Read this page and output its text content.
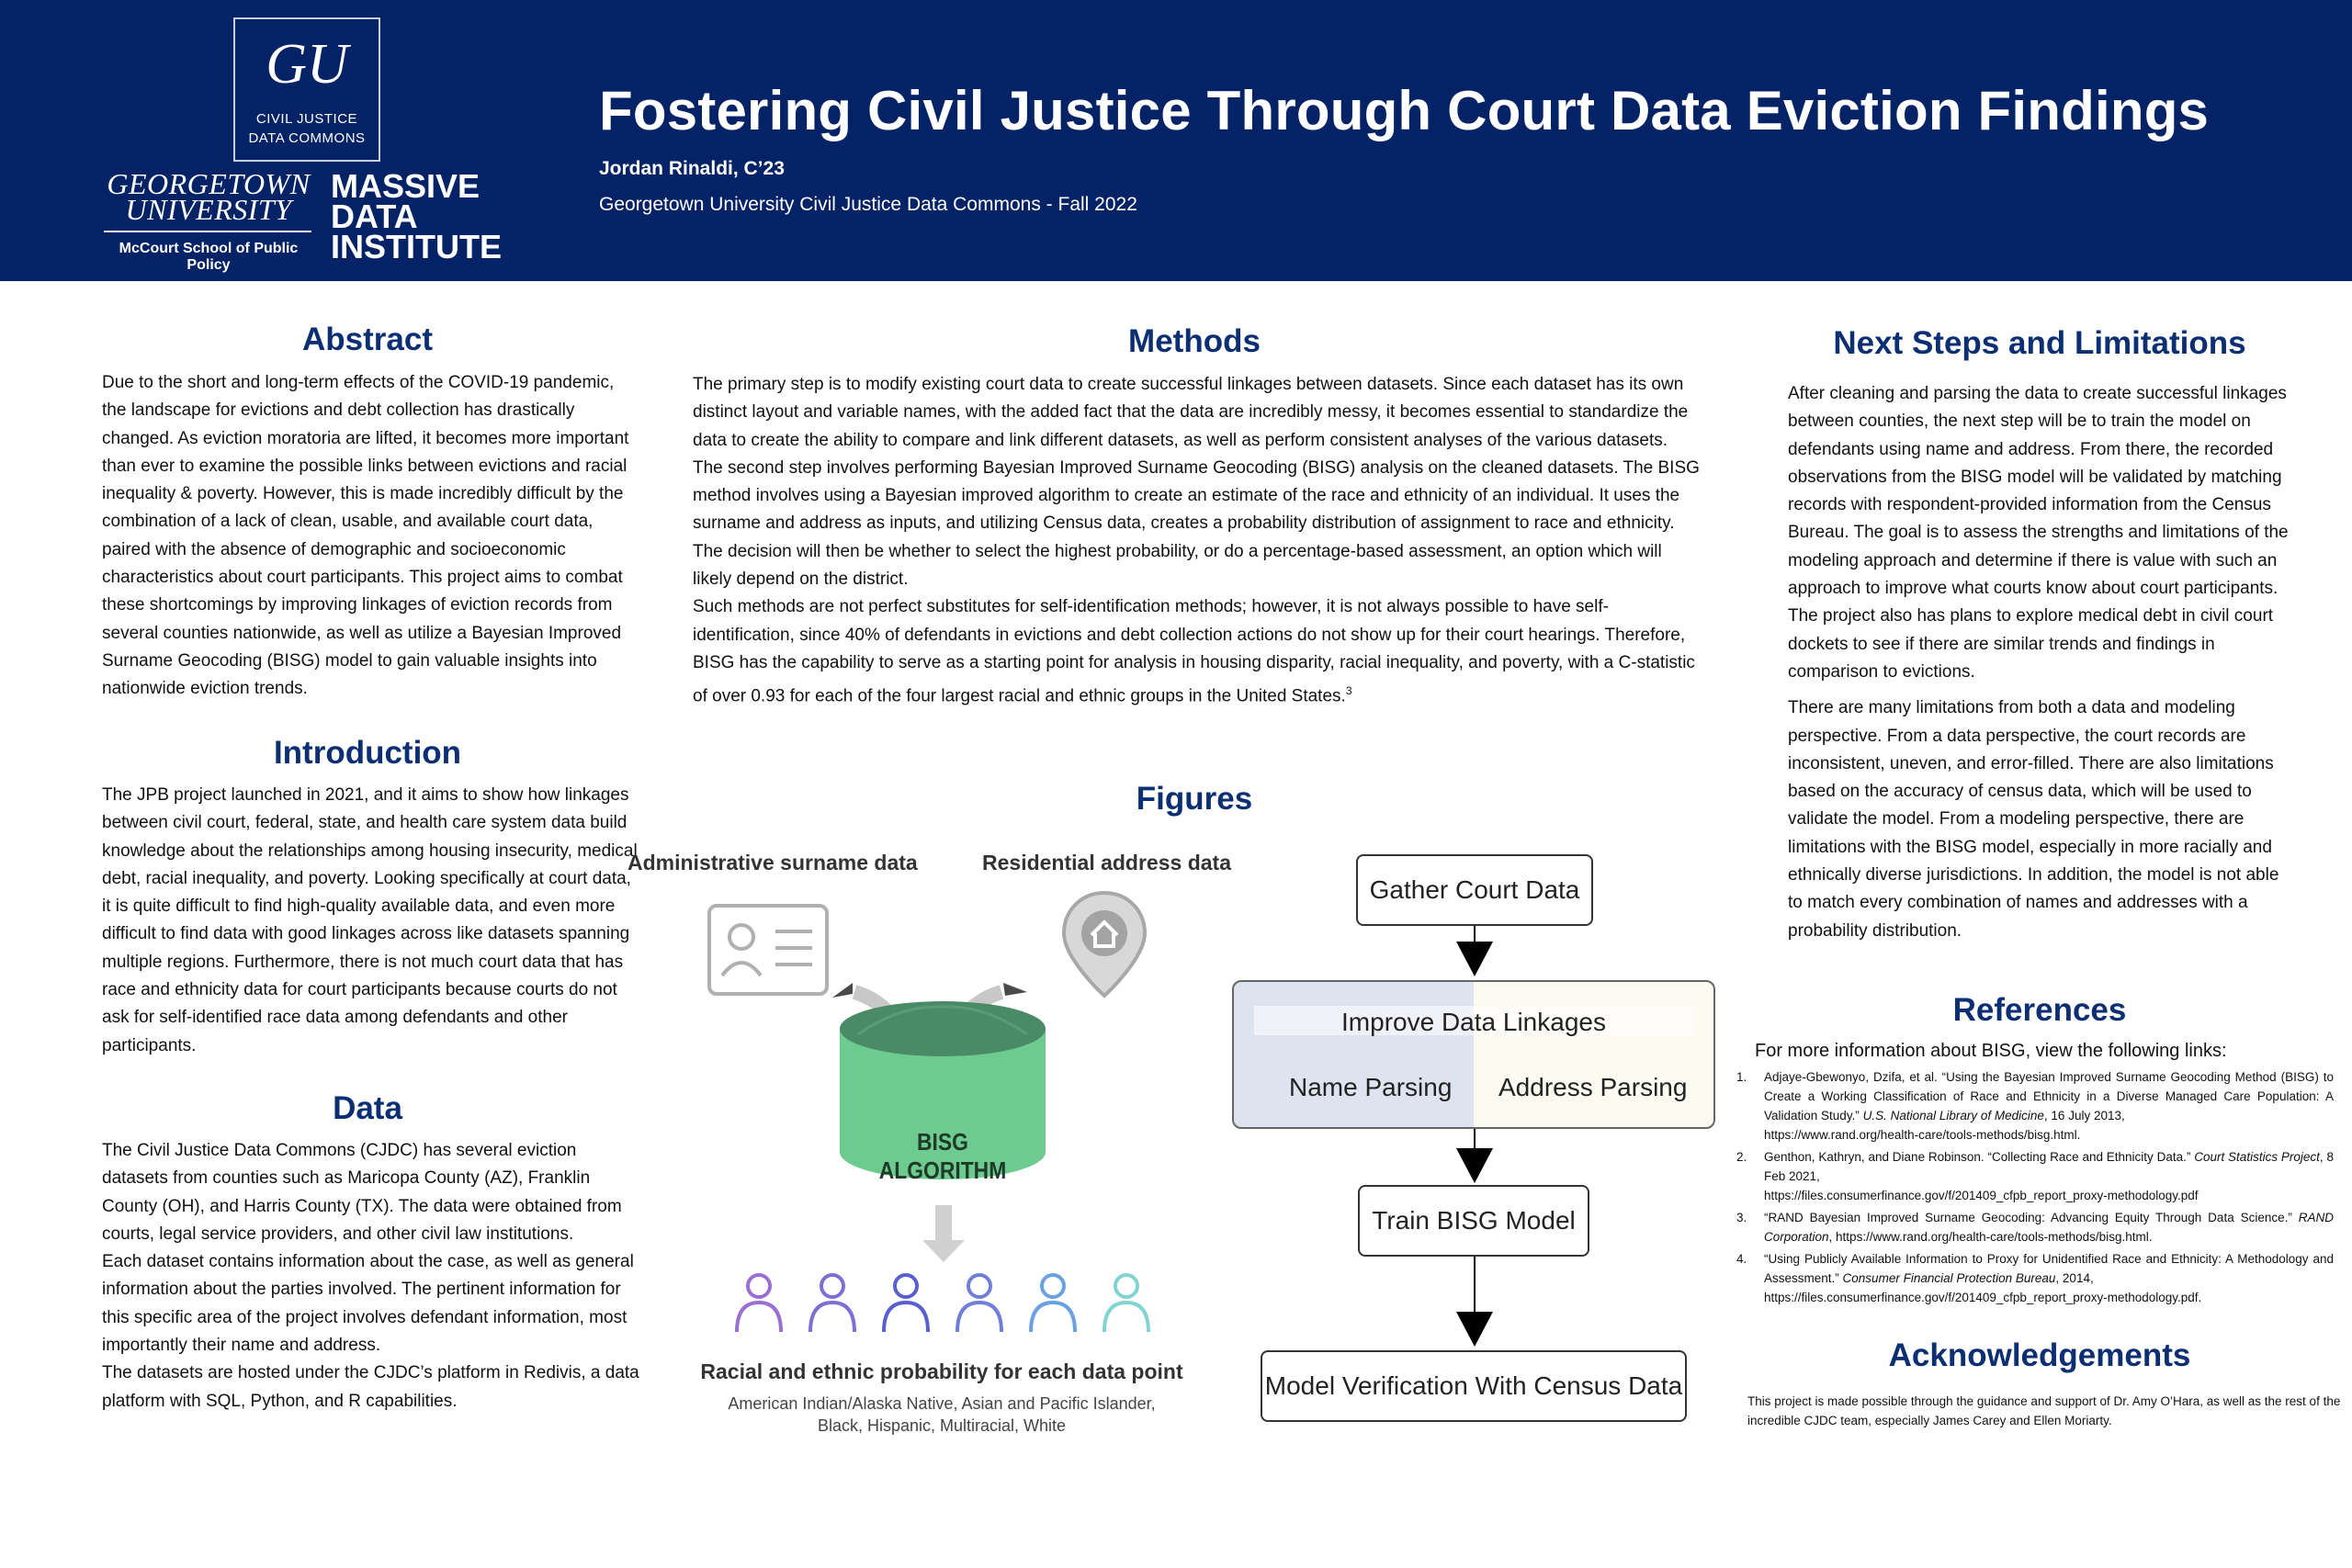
GU
CIVIL JUSTICE
DATA COMMONS
GEORGETOWN
UNIVERSITY
McCourt School of Public Policy
MASSIVE
DATA
INSTITUTE
Fostering Civil Justice Through Court Data Eviction Findings
Jordan Rinaldi, C’23
Georgetown University Civil Justice Data Commons - Fall 2022
Abstract
Due to the short and long-term effects of the COVID-19 pandemic, the landscape for evictions and debt collection has drastically changed. As eviction moratoria are lifted, it becomes more important than ever to examine the possible links between evictions and racial inequality & poverty. However, this is made incredibly difficult by the combination of a lack of clean, usable, and available court data, paired with the absence of demographic and socioeconomic characteristics about court participants. This project aims to combat these shortcomings by improving linkages of eviction records from several counties nationwide, as well as utilize a Bayesian Improved Surname Geocoding (BISG) model to gain valuable insights into nationwide eviction trends.
Introduction
The JPB project launched in 2021, and it aims to show how linkages between civil court, federal, state, and health care system data build knowledge about the relationships among housing insecurity, medical debt, racial inequality, and poverty. Looking specifically at court data, it is quite difficult to find high-quality available data, and even more difficult to find data with good linkages across like datasets spanning multiple regions. Furthermore, there is not much court data that has race and ethnicity data for court participants because courts do not ask for self-identified race data among defendants and other participants.
Data

The Civil Justice Data Commons (CJDC) has several eviction datasets from counties such as Maricopa County (AZ), Franklin County (OH), and Harris County (TX). The data were obtained from courts, legal service providers, and other civil law institutions.

Each dataset contains information about the case, as well as general information about the parties involved. The pertinent information for this specific area of the project involves defendant information, most importantly their name and address.

The datasets are hosted under the CJDC’s platform in Redivis, a data platform with SQL, Python, and R capabilities.

Methods

The primary step is to modify existing court data to create successful linkages between datasets. Since each dataset has its own distinct layout and variable names, with the added fact that the data are incredibly messy, it becomes essential to standardize the data to create the ability to compare and link different datasets, as well as perform consistent analyses of the various datasets.

The second step involves performing Bayesian Improved Surname Geocoding (BISG) analysis on the cleaned datasets. The BISG method involves using a Bayesian improved algorithm to create an estimate of the race and ethnicity of an individual. It uses the surname and address as inputs, and utilizing Census data, creates a probability distribution of assignment to race and ethnicity. The decision will then be whether to select the highest probability, or do a percentage-based assessment, an option which will likely depend on the district.

Such methods are not perfect substitutes for self-identification methods; however, it is not always possible to have self-identification, since 40% of defendants in evictions and debt collection actions do not show up for their court hearings. Therefore, BISG has the capability to serve as a starting point for analysis in housing disparity, racial inequality, and poverty, with a C-statistic of over 0.93 for each of the four largest racial and ethnic groups in the United States.$^3$

Figures
Administrative surname data	Residential address data
BISG ALGORITHM
Racial and ethnic probability for each data point
American Indian/Alaska Native, Asian and Pacific Islander,
Black, Hispanic, Multiracial, White
Gather Court Data
Improve Data Linkages
Name Parsing Address Parsing
Train BISG Model
Model Verification With Census Data
Next Steps and Limitations

After cleaning and parsing the data to create successful linkages between counties, the next step will be to train the model on defendants using name and address. From there, the recorded observations from the BISG model will be validated by matching records with respondent-provided information from the Census Bureau. The goal is to assess the strengths and limitations of the modeling approach and determine if there is value with such an approach to improve what courts know about court participants. The project also has plans to explore medical debt in civil court dockets to see if there are similar trends and findings in comparison to evictions.

There are many limitations from both a data and modeling perspective. From a data perspective, the court records are inconsistent, uneven, and error-filled. There are also limitations based on the accuracy of census data, which will be used to validate the model. From a modeling perspective, there are limitations with the BISG model, especially in more racially and ethnically diverse jurisdictions. In addition, the model is not able to match every combination of names and addresses with a probability distribution.

References
For more information about BISG, view the following links:
1. Adjaye-Gbewonyo, Dzifa, et al. “Using the Bayesian Improved Surname Geocoding Method (BISG) to Create a Working Classification of Race and Ethnicity in a Diverse Managed Care Population: A Validation Study.” U.S. National Library of Medicine, 16 July 2013,
https://www.rand.org/health-care/tools-methods/bisg.html.
2. Genthon, Kathryn, and Diane Robinson. “Collecting Race and Ethnicity Data.” Court Statistics Project, 8 Feb 2021,
https://files.consumerfinance.gov/f/201409_cfpb_report_proxy-methodology.pdf
3. “RAND Bayesian Improved Surname Geocoding: Advancing Equity Through Data Science.” RAND Corporation, https://www.rand.org/health-care/tools-methods/bisg.html.
4. “Using Publicly Available Information to Proxy for Unidentified Race and Ethnicity: A Methodology and Assessment.” Consumer Financial Protection Bureau, 2014,
https://files.consumerfinance.gov/f/201409_cfpb_report_proxy-methodology.pdf.
Acknowledgements
This project is made possible through the guidance and support of Dr. Amy O’Hara, as well as the rest of the incredible CJDC team, especially James Carey and Ellen Moriarty.
